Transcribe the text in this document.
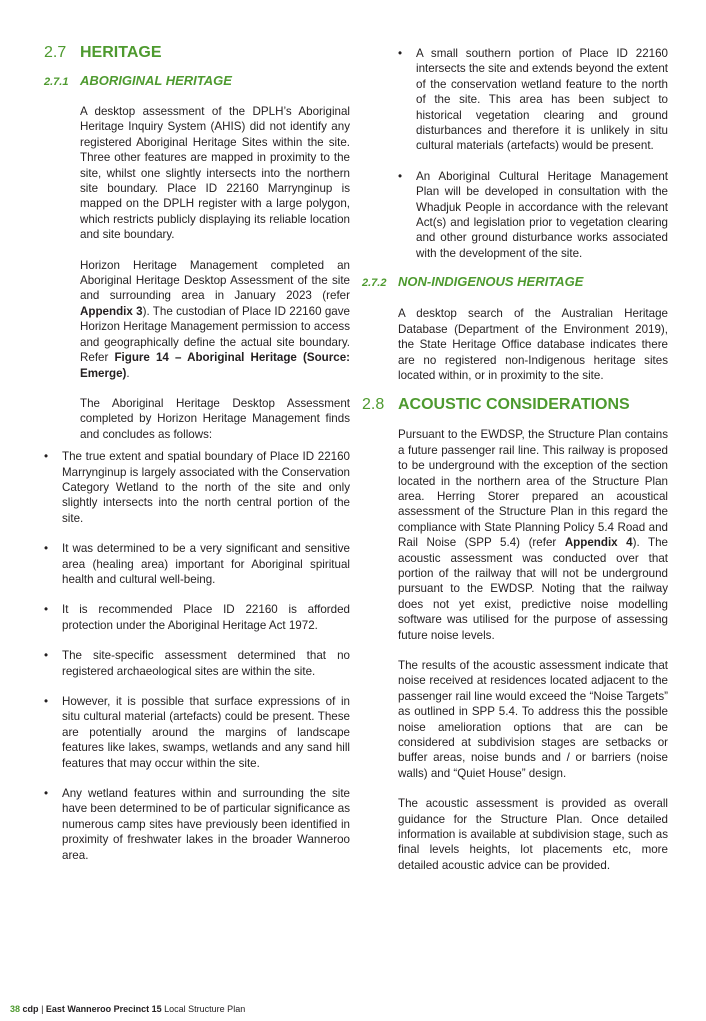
2.7 HERITAGE
2.7.1 ABORIGINAL HERITAGE

A desktop assessment of the DPLH’s Aboriginal Heritage Inquiry System (AHIS) did not identify any registered Aboriginal Heritage Sites within the site. Three other features are mapped in proximity to the site, whilst one slightly intersects into the northern site boundary. Place ID 22160 Marrynginup is mapped on the DPLH register with a large polygon, which restricts publicly displaying its reliable location and site boundary.

Horizon Heritage Management completed an Aboriginal Heritage Desktop Assessment of the site and surrounding area in January 2023 (refer Appendix 3). The custodian of Place ID 22160 gave Horizon Heritage Management permission to access and geographically define the actual site boundary. Refer Figure 14 – Aboriginal Heritage (Source: Emerge).

The Aboriginal Heritage Desktop Assessment completed by Horizon Heritage Management finds and concludes as follows:

• The true extent and spatial boundary of Place ID 22160 Marrynginup is largely associated with the Conservation Category Wetland to the north of the site and only slightly intersects into the north central portion of the site.
• It was determined to be a very significant and sensitive area (healing area) important for Aboriginal spiritual health and cultural well-being.
• It is recommended Place ID 22160 is afforded protection under the Aboriginal Heritage Act 1972.
• The site-specific assessment determined that no registered archaeological sites are within the site.
• However, it is possible that surface expressions of in situ cultural material (artefacts) could be present. These are potentially around the margins of landscape features like lakes, swamps, wetlands and any sand hill features that may occur within the site.
• Any wetland features within and surrounding the site have been determined to be of particular significance as numerous camp sites have previously been identified in proximity of freshwater lakes in the broader Wanneroo area.
• A small southern portion of Place ID 22160 intersects the site and extends beyond the extent of the conservation wetland feature to the north of the site. This area has been subject to historical vegetation clearing and ground disturbances and therefore it is unlikely in situ cultural materials (artefacts) would be present.
• An Aboriginal Cultural Heritage Management Plan will be developed in consultation with the Whadjuk People in accordance with the relevant Act(s) and legislation prior to vegetation clearing and other ground disturbance works associated with the development of the site.
2.7.2 NON-INDIGENOUS HERITAGE

A desktop search of the Australian Heritage Database (Department of the Environment 2019), the State Heritage Office database indicates there are no registered non-Indigenous heritage sites located within, or in proximity to the site.

2.8 ACOUSTIC CONSIDERATIONS

Pursuant to the EWDSP, the Structure Plan contains a future passenger rail line. This railway is proposed to be underground with the exception of the section located in the northern area of the Structure Plan area. Herring Storer prepared an acoustical assessment of the Structure Plan in this regard the compliance with State Planning Policy 5.4 Road and Rail Noise (SPP 5.4) (refer Appendix 4). The acoustic assessment was conducted over that portion of the railway that will not be underground pursuant to the EWDSP. Noting that the railway does not yet exist, predictive noise modelling software was utilised for the purpose of assessing future noise levels.

The results of the acoustic assessment indicate that noise received at residences located adjacent to the passenger rail line would exceed the “Noise Targets” as outlined in SPP 5.4. To address this the possible noise amelioration options that are can be considered at subdivision stages are setbacks or buffer areas, noise bunds and / or barriers (noise walls) and “Quiet House” design.

The acoustic assessment is provided as overall guidance for the Structure Plan. Once detailed information is available at subdivision stage, such as final levels heights, lot placements etc, more detailed acoustic advice can be provided.

38 cdp | East Wanneroo Precinct 15 Local Structure Plan
